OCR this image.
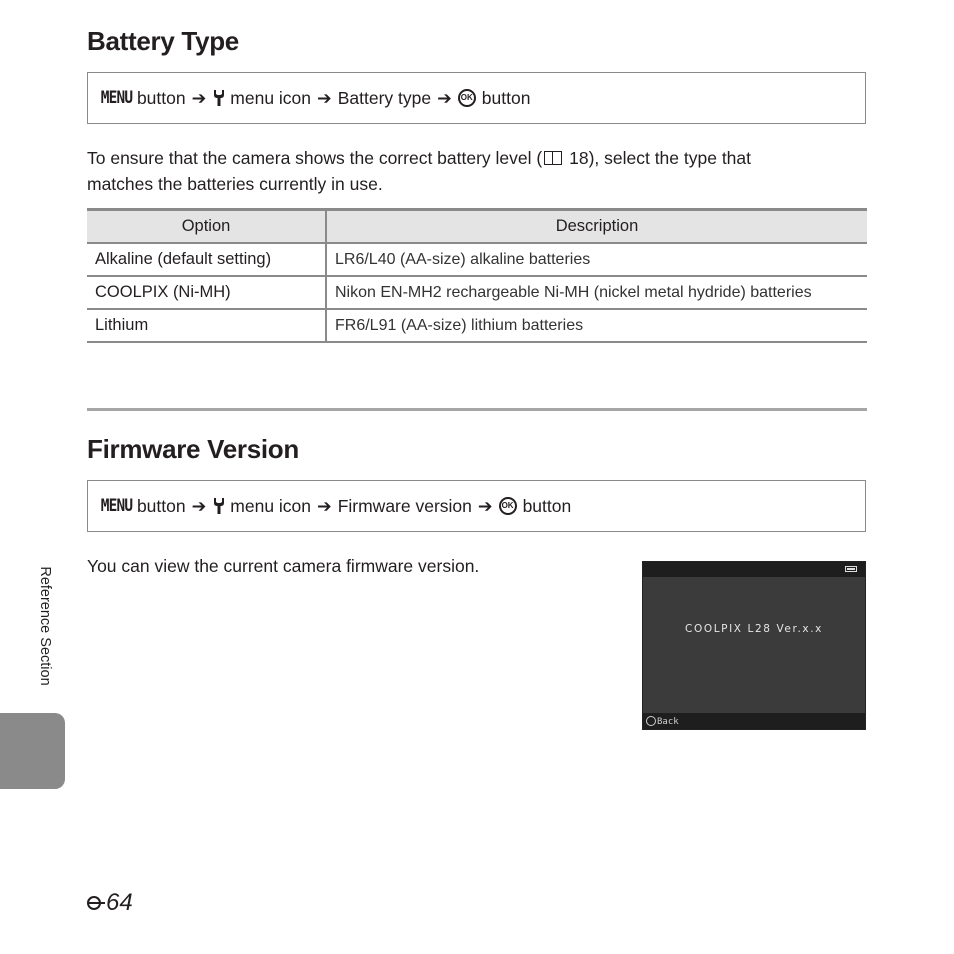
Battery Type
MENU button ➔ menu icon ➔ Battery type ➔	OK button
To ensure that the camera shows the correct battery level ( 18), select the type that
matches the batteries currently in use.
Option	Description
Alkaline (default setting)	LR6/L40 (AA-size) alkaline batteries
COOLPIX (Ni-MH)	Nikon EN-MH2 rechargeable Ni-MH (nickel metal hydride) batteries
Lithium	FR6/L91 (AA-size) lithium batteries
Firmware Version
MENU button ➔ menu icon ➔ Firmware version ➔	OK button
You can view the current camera firmware version.
COOLPIX L28 Ver.x.x
Back
Reference Section
64
